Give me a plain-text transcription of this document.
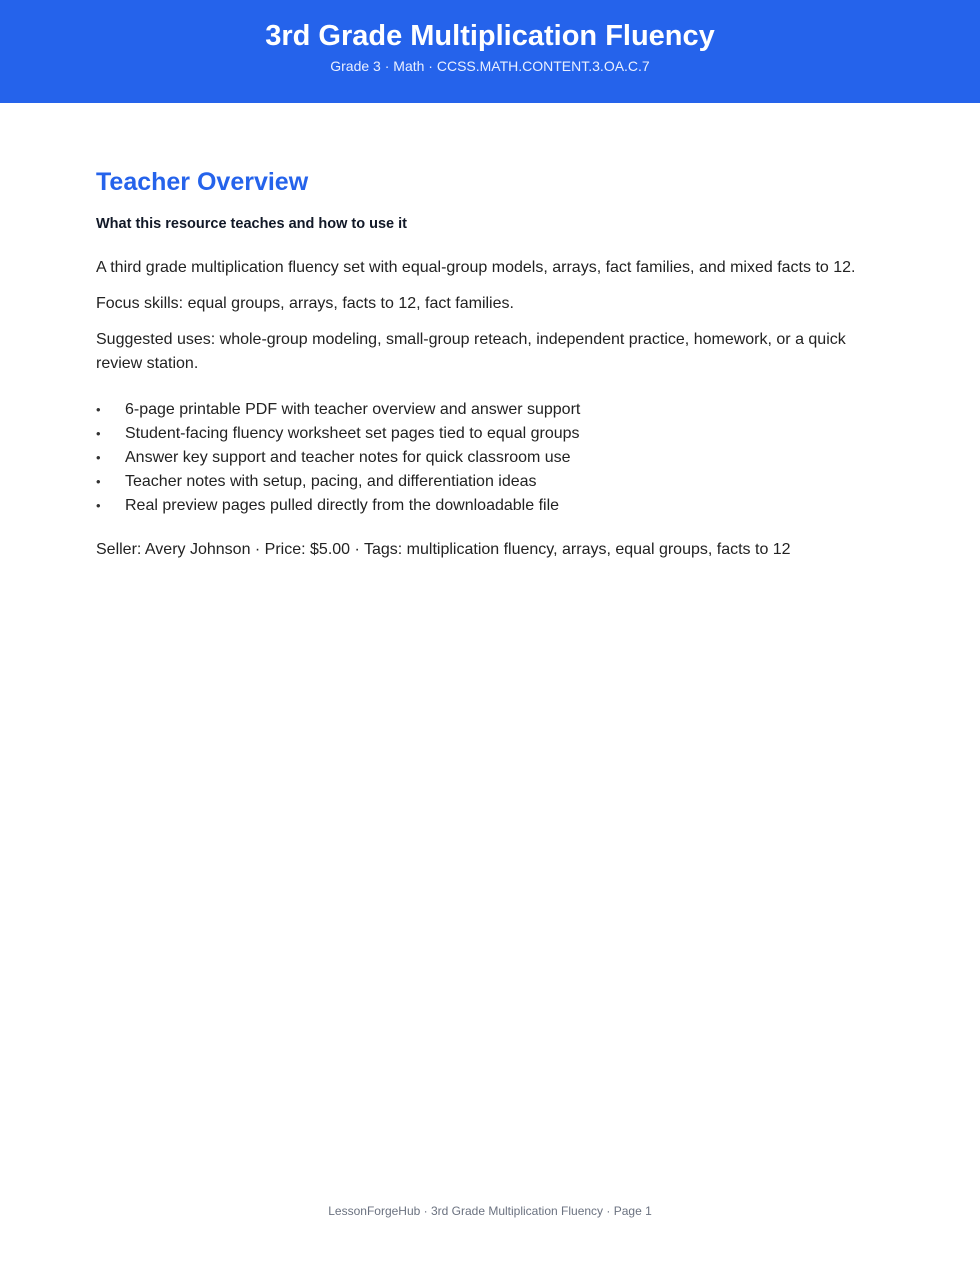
3rd Grade Multiplication Fluency
Grade 3 · Math · CCSS.MATH.CONTENT.3.OA.C.7
Teacher Overview
What this resource teaches and how to use it

A third grade multiplication fluency set with equal-group models, arrays, fact families, and mixed facts to 12.

Focus skills: equal groups, arrays, facts to 12, fact families.

Suggested uses: whole-group modeling, small-group reteach, independent practice, homework, or a quick review station.

•	6-page printable PDF with teacher overview and answer support
•	Student-facing fluency worksheet set pages tied to equal groups
•	Answer key support and teacher notes for quick classroom use
•	Teacher notes with setup, pacing, and differentiation ideas
•	Real preview pages pulled directly from the downloadable file
Seller: Avery Johnson · Price: $5.00 · Tags: multiplication fluency, arrays, equal groups, facts to 12
LessonForgeHub · 3rd Grade Multiplication Fluency · Page 1
